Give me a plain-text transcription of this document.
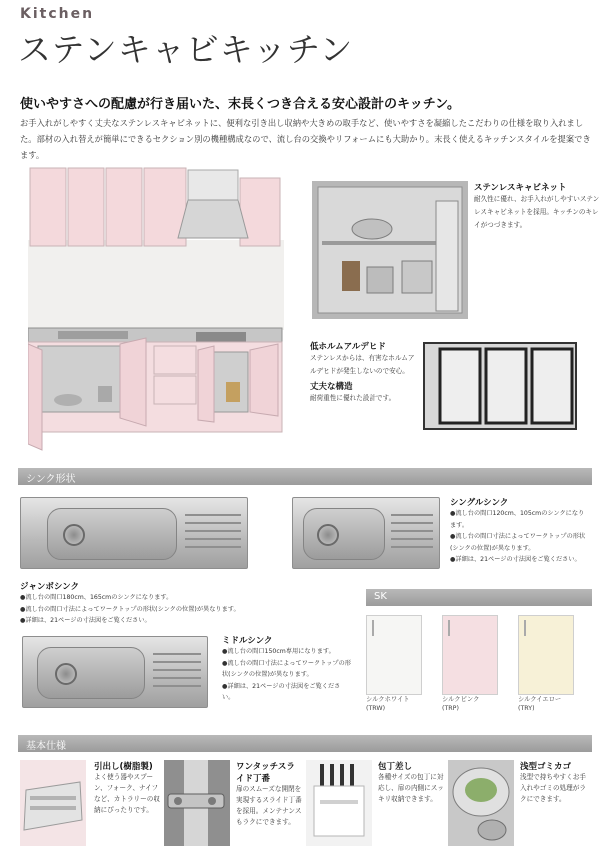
Kitchen
ステンキャビキッチン
使いやすさへの配慮が行き届いた、末長くつき合える安心設計のキッチン。
お手入れがしやすく丈夫なステンレスキャビネットに、便利な引き出し収納や大きめの取手など、使いやすさを凝縮したこだわりの仕様を取り入れました。部材の入れ替えが簡単にできるセクション別の機種構成なので、流し台の交換やリフォームにも大助かり。末長く使えるキッチンスタイルを提案できます。
ステンレスキャビネット
耐久性に優れ、お手入れがしやすいステンレスキャビネットを採用。キッチンのキレイがつづきます。
低ホルムアルデヒド
ステンレスからは、有害なホルムアルデヒドが発生しないので安心。
丈夫な構造
耐荷重性に優れた設計です。
シンク形状
ジャンボシンク
●流し台の間口180cm、165cmのシンクになります。
●流し台の間口寸法によってワークトップの形状(シンクの位置)が異なります。
●詳細は、21ページの寸法図をご覧ください。
シングルシンク
●流し台の間口120cm、105cmのシンクになります。
●流し台の間口寸法によってワークトップの形状(シンクの位置)が異なります。
●詳細は、21ページの寸法図をご覧ください。
ミドルシンク
●流し台の間口150cm専用になります。
●流し台の間口寸法によってワークトップの形状(シンクの位置)が異なります。
●詳細は、21ページの寸法図をご覧ください。
SK
シルクホワイト
(TRW)
シルクピンク
(TRP)
シルクイエロー
(TRY)
基本仕様
引出し(樹脂製)
よく使う器やスプーン、フォーク、ナイフなど、カトラリーの収納にぴったりです。
ワンタッチスライド丁番
扉のスムーズな開閉を実現するスライド丁番を採用。メンテナンスもラクにできます。
包丁差し
各種サイズの包丁に対応し、扉の内側にスッキリ収納できます。
浅型ゴミカゴ
浅型で持ちやすくお手入れやゴミの処理がラクにできます。
